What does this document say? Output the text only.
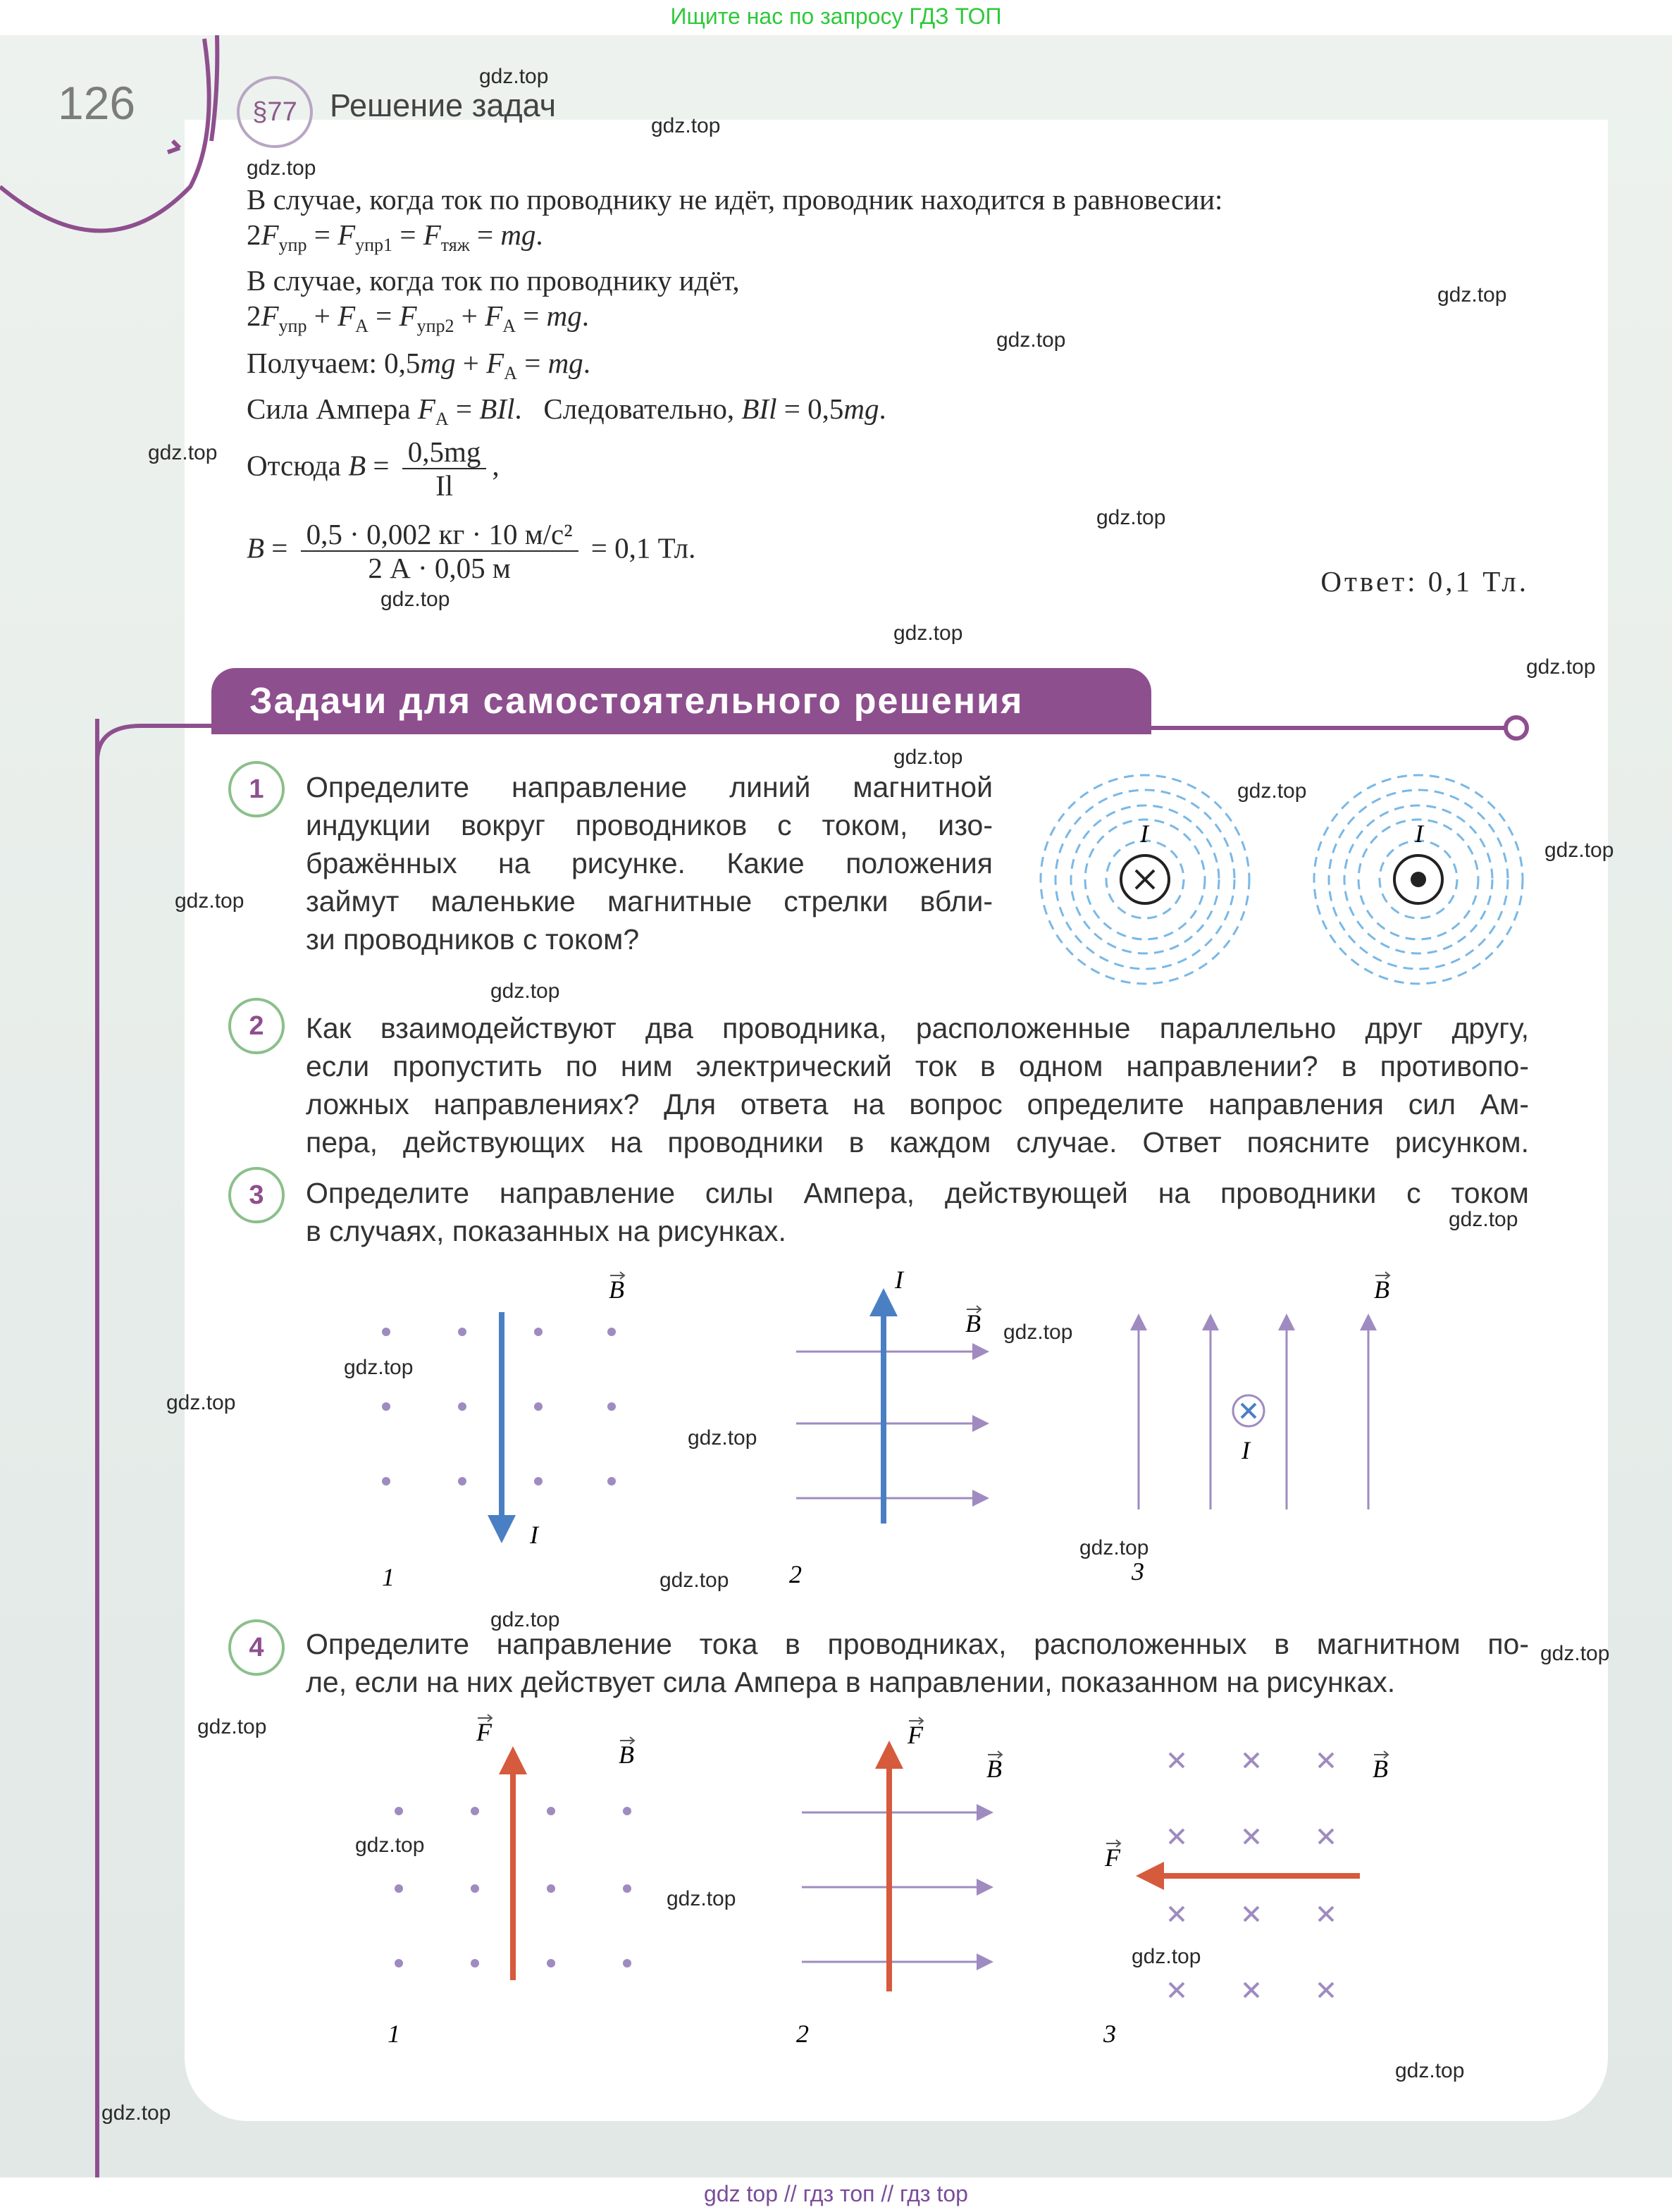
Ищите нас по запросу ГДЗ ТОП
126	§77	Решение задач
В случае, когда ток по проводнику не идёт, проводник находится в равновесии:
$2F_{упр} = F_{упр1} = F_{тяж}$ = mg.
В случае, когда ток по проводнику идёт,
$2F_{упр} + F_A = F_{упр2} + F_A$ = mg.
Получаем: $0,5mg + F_A$ = mg.
Сила Ампера $F_A$ = BIl.   Следовательно, BIl = 0,5mg.
Отсюда $B = \frac{0,5mg}{Il}$ ,
$B = \frac{\text{0,5 · 0,002 кг · 10 м/с²}}{2 А \cdot 0,05 м} = 0,1$ Тл.
Ответ: 0,1 Тл.
Задачи для самостоятельного решения
1	Определите направление линий магнитной
индукции вокруг проводников с током, изо-
бражённых на рисунке. Какие положения
займут маленькие магнитные стрелки вбли-
зи проводников с током?
I	I
2	Как взаимодействуют два проводника, расположенные параллельно друг другу,
если пропустить по ним электрический ток в одном направлении? в противопо-
ложных направлениях? Для ответа на вопрос определите направления сил Ам-
пера, действующих на проводники в каждом случае. Ответ поясните рисунком.
3	Определите направление силы Ампера, действующей на проводники с током
в случаях, показанных на рисунках.
B
I
1
I
B
2
B
I
3
4	Определите направление тока в проводниках, расположенных в магнитном по-
ле, если на них действует сила Ампера в направлении, показанном на рисунках.
F
B
1
F
B
2
F
B
3
gdz.top
gdz.top
gdz.top
gdz.top
gdz.top
gdz.top
gdz.top
gdz.top
gdz.top
gdz.top
gdz.top
gdz.top
gdz.top
gdz.top
gdz.top
gdz.top
gdz.top
gdz.top
gdz.top
gdz.top
gdz.top
gdz.top
gdz.top
gdz.top
gdz.top
gdz.top
gdz.top
gdz.top
gdz.top
gdz.top
gdz top // гдз топ // гдз top
